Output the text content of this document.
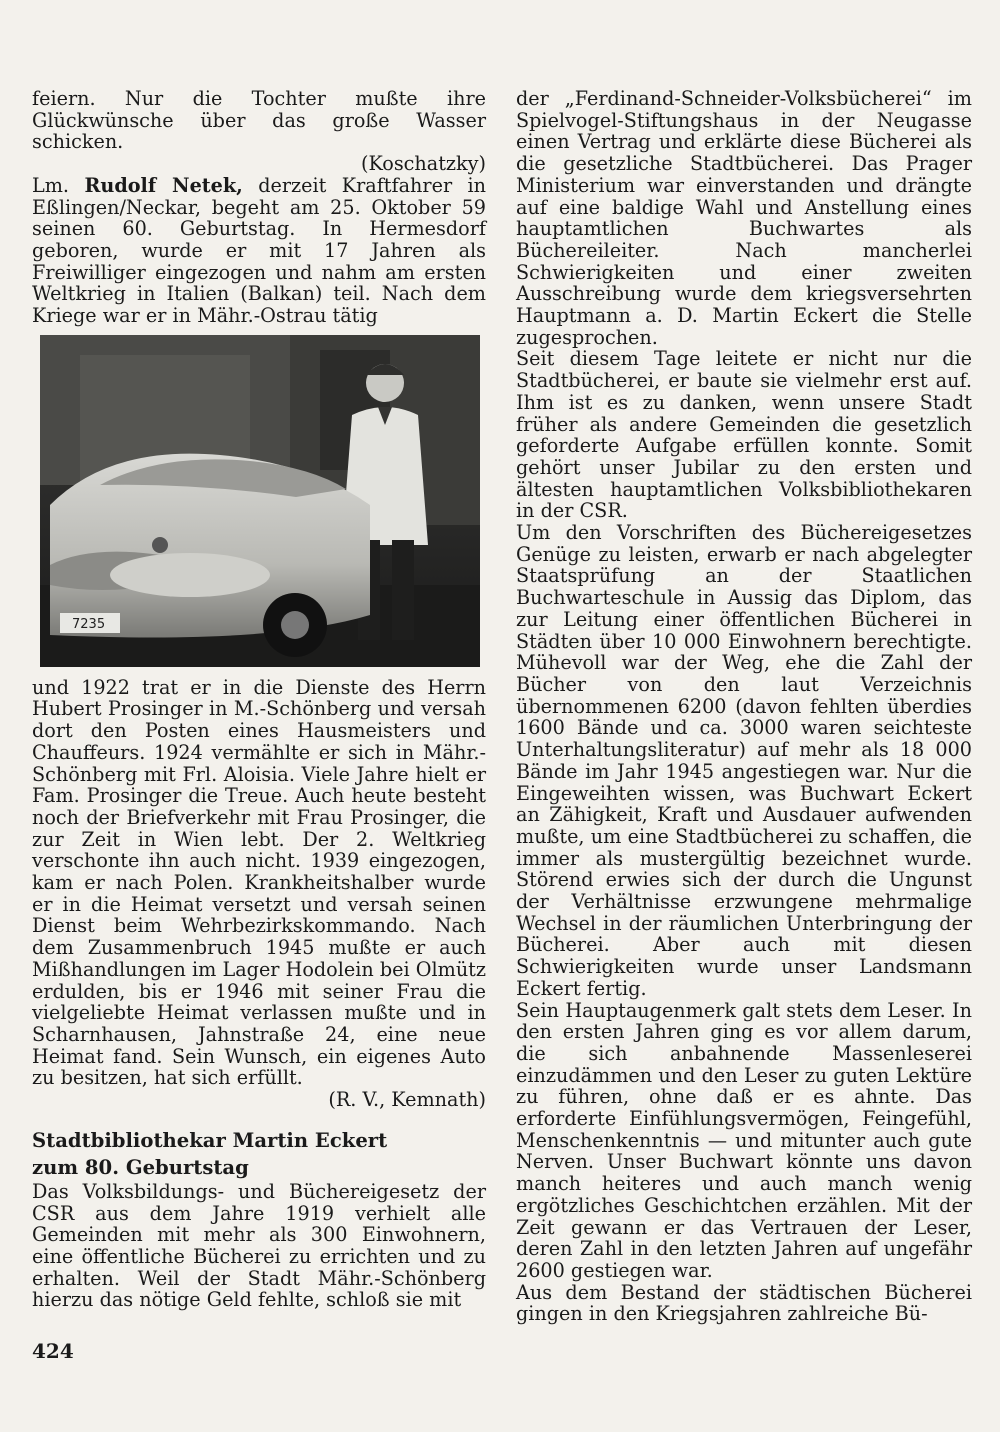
feiern. Nur die Tochter mußte ihre Glückwünsche über das große Wasser schicken.

(Koschatzky)

Lm. Rudolf Netek, derzeit Kraftfahrer in Eßlingen/Neckar, begeht am 25. Oktober 59 seinen 60. Geburtstag. In Hermesdorf geboren, wurde er mit 17 Jahren als Freiwilliger eingezogen und nahm am ersten Weltkrieg in Italien (Balkan) teil. Nach dem Kriege war er in Mähr.-Ostrau tätig

7235

und 1922 trat er in die Dienste des Herrn Hubert Prosinger in M.-Schönberg und versah dort den Posten eines Hausmeisters und Chauffeurs. 1924 vermählte er sich in Mähr.-Schönberg mit Frl. Aloisia. Viele Jahre hielt er Fam. Prosinger die Treue. Auch heute besteht noch der Briefverkehr mit Frau Prosinger, die zur Zeit in Wien lebt. Der 2. Weltkrieg verschonte ihn auch nicht. 1939 eingezogen, kam er nach Polen. Krankheitshalber wurde er in die Heimat versetzt und versah seinen Dienst beim Wehrbezirkskommando. Nach dem Zusammenbruch 1945 mußte er auch Mißhandlungen im Lager Hodolein bei Olmütz erdulden, bis er 1946 mit seiner Frau die vielgeliebte Heimat verlassen mußte und in Scharnhausen, Jahnstraße 24, eine neue Heimat fand. Sein Wunsch, ein eigenes Auto zu besitzen, hat sich erfüllt.

(R. V., Kemnath)

Stadtbibliothekar Martin Eckert
zum 80. Geburtstag

Das Volksbildungs- und Büchereigesetz der CSR aus dem Jahre 1919 verhielt alle Gemeinden mit mehr als 300 Einwohnern, eine öffentliche Bücherei zu errichten und zu erhalten. Weil der Stadt Mähr.-Schönberg hierzu das nötige Geld fehlte, schloß sie mit

der „Ferdinand-Schneider-Volksbücherei“ im Spielvogel-Stiftungshaus in der Neugasse einen Vertrag und erklärte diese Bücherei als die gesetzliche Stadtbücherei. Das Prager Ministerium war einverstanden und drängte auf eine baldige Wahl und Anstellung eines hauptamtlichen Buchwartes als Büchereileiter. Nach mancherlei Schwierigkeiten und einer zweiten Ausschreibung wurde dem kriegsversehrten Hauptmann a. D. Martin Eckert die Stelle zugesprochen.

Seit diesem Tage leitete er nicht nur die Stadtbücherei, er baute sie vielmehr erst auf. Ihm ist es zu danken, wenn unsere Stadt früher als andere Gemeinden die gesetzlich geforderte Aufgabe erfüllen konnte. Somit gehört unser Jubilar zu den ersten und ältesten hauptamtlichen Volksbibliothekaren in der CSR.

Um den Vorschriften des Büchereigesetzes Genüge zu leisten, erwarb er nach abgelegter Staatsprüfung an der Staatlichen Buchwarteschule in Aussig das Diplom, das zur Leitung einer öffentlichen Bücherei in Städten über 10 000 Einwohnern berechtigte. Mühevoll war der Weg, ehe die Zahl der Bücher von den laut Verzeichnis übernommenen 6200 (davon fehlten überdies 1600 Bände und ca. 3000 waren seichteste Unterhaltungsliteratur) auf mehr als 18 000 Bände im Jahr 1945 angestiegen war. Nur die Eingeweihten wissen, was Buchwart Eckert an Zähigkeit, Kraft und Ausdauer aufwenden mußte, um eine Stadtbücherei zu schaffen, die immer als mustergültig bezeichnet wurde. Störend erwies sich der durch die Ungunst der Verhältnisse erzwungene mehrmalige Wechsel in der räumlichen Unterbringung der Bücherei. Aber auch mit diesen Schwierigkeiten wurde unser Landsmann Eckert fertig.

Sein Hauptaugenmerk galt stets dem Leser. In den ersten Jahren ging es vor allem darum, die sich anbahnende Massenleserei einzudämmen und den Leser zu guten Lektüre zu führen, ohne daß er es ahnte. Das erforderte Einfühlungsvermögen, Feingefühl, Menschenkenntnis — und mitunter auch gute Nerven. Unser Buchwart könnte uns davon manch heiteres und auch manch wenig ergötzliches Geschichtchen erzählen. Mit der Zeit gewann er das Vertrauen der Leser, deren Zahl in den letzten Jahren auf ungefähr 2600 gestiegen war.

Aus dem Bestand der städtischen Bücherei gingen in den Kriegsjahren zahlreiche Bü-

424
